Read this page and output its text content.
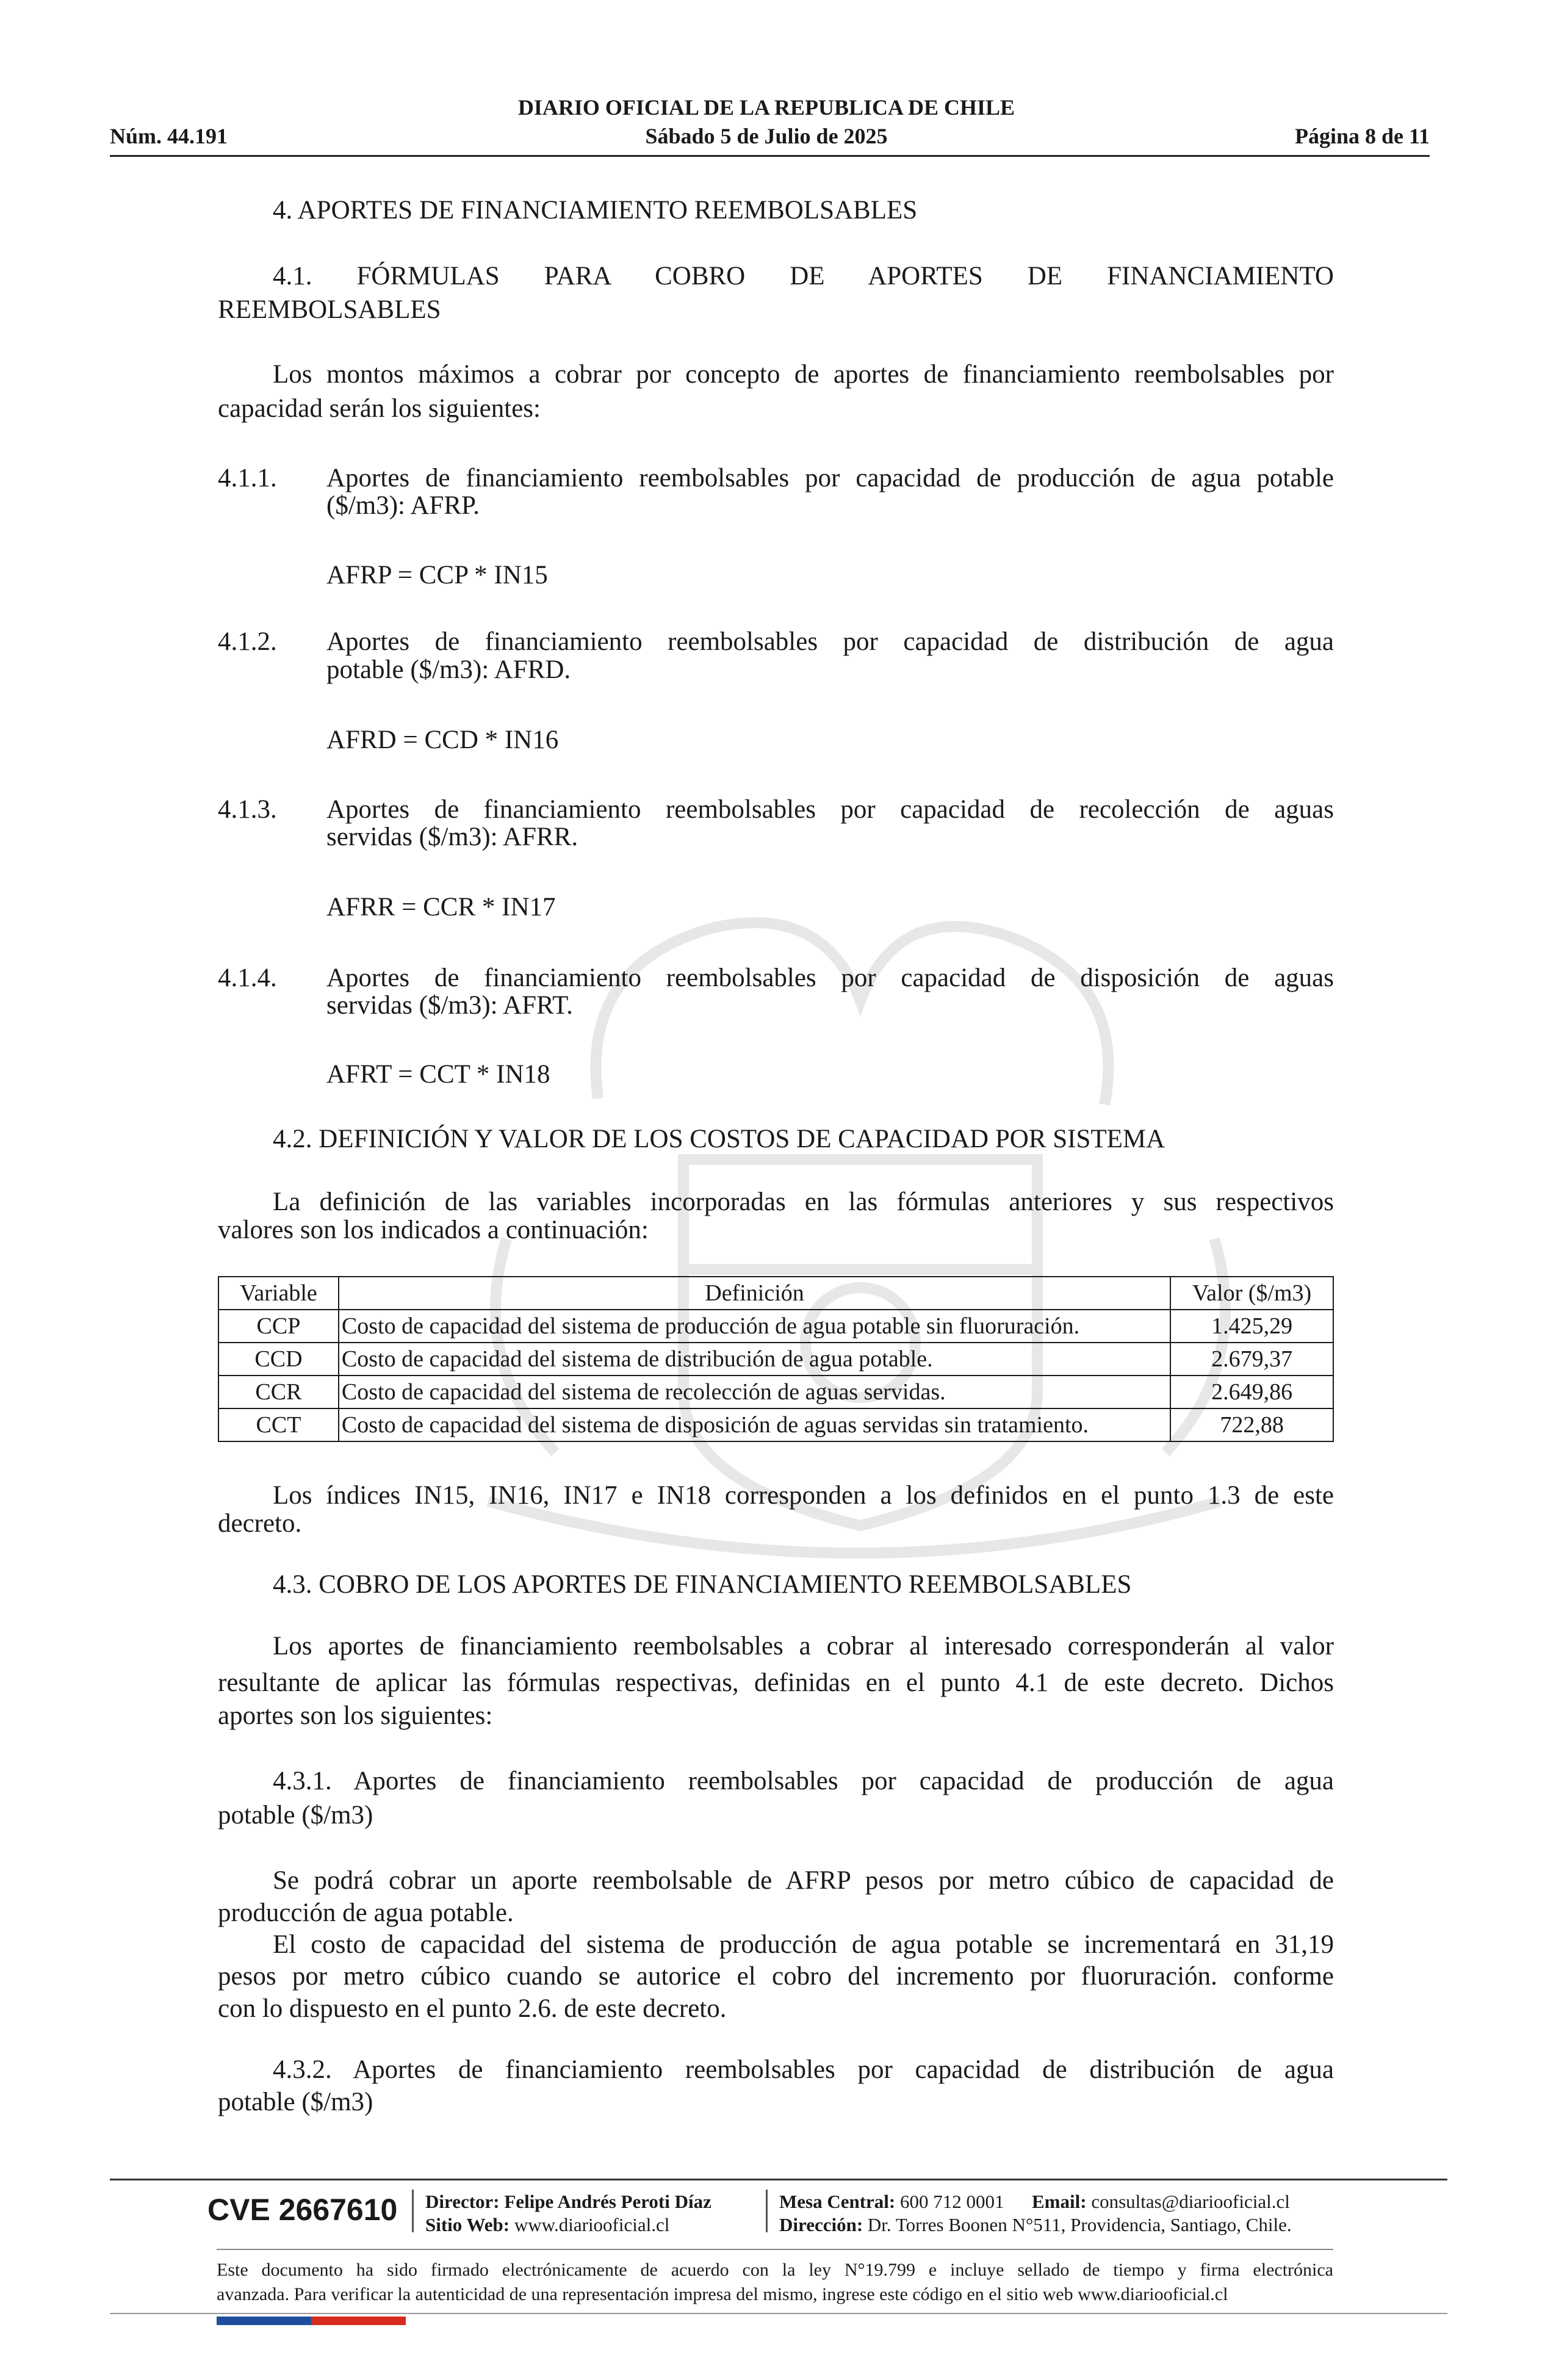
DIARIO OFICIAL DE LA REPUBLICA DE CHILE
Núm. 44.191	Sábado 5 de Julio de 2025	Página 8 de 11
4. APORTES DE FINANCIAMIENTO REEMBOLSABLES
4.1. FÓRMULAS PARA COBRO DE APORTES DE FINANCIAMIENTO
REEMBOLSABLES
Los montos máximos a cobrar por concepto de aportes de financiamiento reembolsables por
capacidad serán los siguientes:
4.1.1. Aportes de financiamiento reembolsables por capacidad de producción de agua potable
($/m3): AFRP.
AFRP = CCP * IN15
4.1.2. Aportes de financiamiento reembolsables por capacidad de distribución de agua
potable ($/m3): AFRD.
AFRD = CCD * IN16
4.1.3. Aportes de financiamiento reembolsables por capacidad de recolección de aguas
servidas ($/m3): AFRR.
AFRR = CCR * IN17
4.1.4. Aportes de financiamiento reembolsables por capacidad de disposición de aguas
servidas ($/m3): AFRT.
AFRT = CCT * IN18
4.2. DEFINICIÓN Y VALOR DE LOS COSTOS DE CAPACIDAD POR SISTEMA
La definición de las variables incorporadas en las fórmulas anteriores y sus respectivos
valores son los indicados a continuación:
Variable	Definición	Valor ($/m3)
CCP	Costo de capacidad del sistema de producción de agua potable sin fluoruración.	1.425,29
CCD	Costo de capacidad del sistema de distribución de agua potable.	2.679,37
CCR	Costo de capacidad del sistema de recolección de aguas servidas.	2.649,86
CCT	Costo de capacidad del sistema de disposición de aguas servidas sin tratamiento.	722,88
Los índices IN15, IN16, IN17 e IN18 corresponden a los definidos en el punto 1.3 de este
decreto.
4.3. COBRO DE LOS APORTES DE FINANCIAMIENTO REEMBOLSABLES
Los aportes de financiamiento reembolsables a cobrar al interesado corresponderán al valor
resultante de aplicar las fórmulas respectivas, definidas en el punto 4.1 de este decreto. Dichos
aportes son los siguientes:
4.3.1. Aportes de financiamiento reembolsables por capacidad de producción de agua
potable ($/m3)
Se podrá cobrar un aporte reembolsable de AFRP pesos por metro cúbico de capacidad de
producción de agua potable.
El costo de capacidad del sistema de producción de agua potable se incrementará en 31,19
pesos por metro cúbico cuando se autorice el cobro del incremento por fluoruración. conforme
con lo dispuesto en el punto 2.6. de este decreto.
4.3.2. Aportes de financiamiento reembolsables por capacidad de distribución de agua
potable ($/m3)
CVE 2667610 Director: Felipe Andrés Peroti Díaz
Sitio Web: www.diariooficial.cl
Mesa Central: 600 712 0001 Email: consultas@diariooficial.cl
Dirección: Dr. Torres Boonen N°511, Providencia, Santiago, Chile.
Este documento ha sido firmado electrónicamente de acuerdo con la ley N°19.799 e incluye sellado de tiempo y firma electrónica
avanzada. Para verificar la autenticidad de una representación impresa del mismo, ingrese este código en el sitio web www.diariooficial.cl
